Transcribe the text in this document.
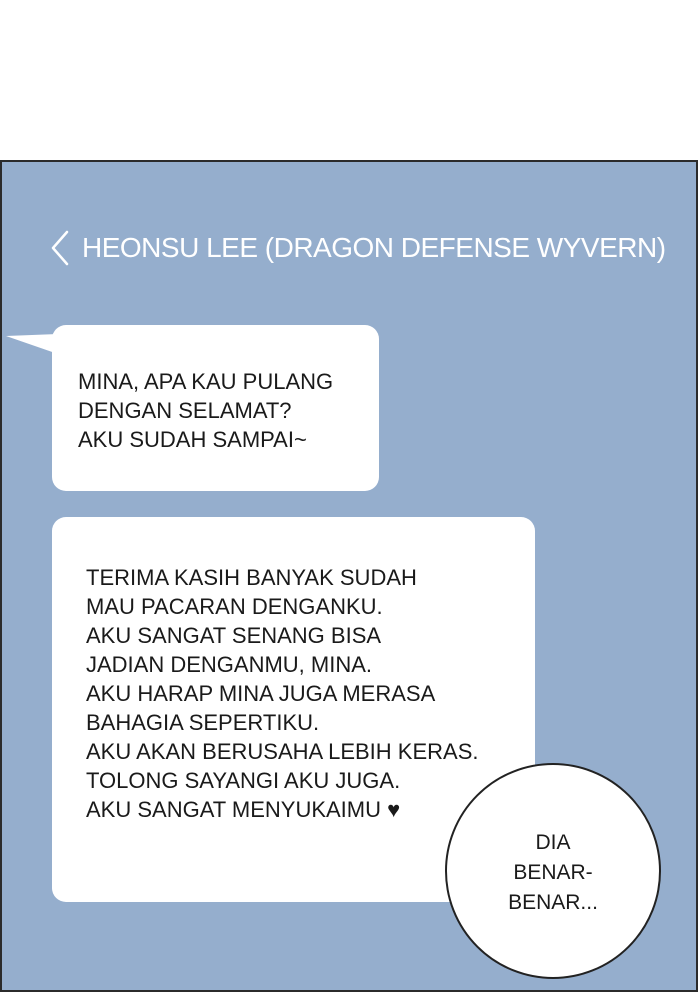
HEONSU LEE (DRAGON DEFENSE WYVERN)
MINA, APA KAU PULANG
DENGAN SELAMAT?
AKU SUDAH SAMPAI~
TERIMA KASIH BANYAK SUDAH
MAU PACARAN DENGANKU.
AKU SANGAT SENANG BISA
JADIAN DENGANMU, MINA.
AKU HARAP MINA JUGA MERASA
BAHAGIA SEPERTIKU.
AKU AKAN BERUSAHA LEBIH KERAS.
TOLONG SAYANGI AKU JUGA.
AKU SANGAT MENYUKAIMU ♥
DIA
BENAR-
BENAR...
